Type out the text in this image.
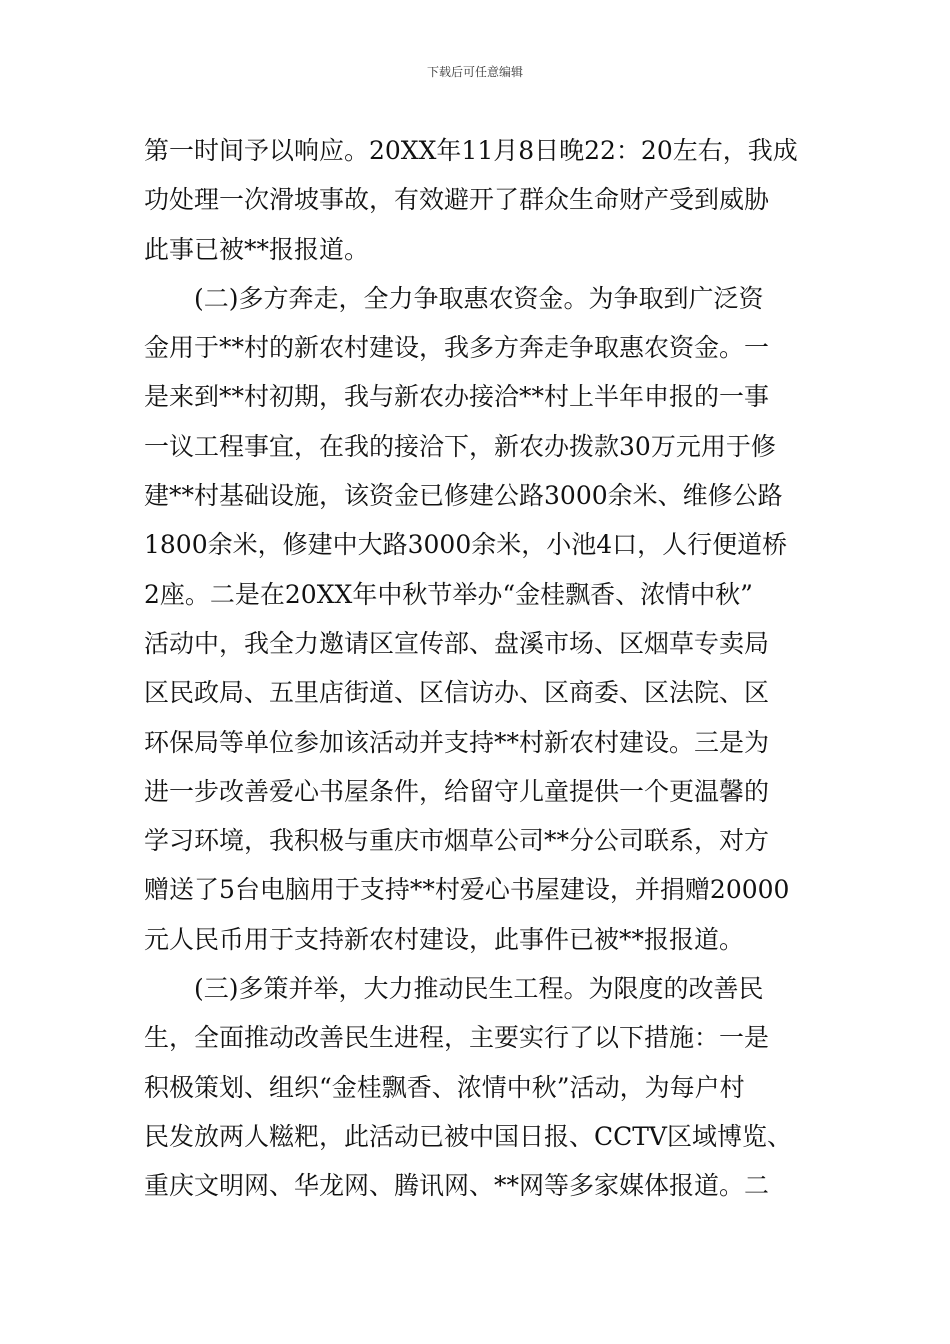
下载后可任意编辑
第一时间予以响应。20XX年11月8日晚22：20左右，我成
功处理一次滑坡事故，有效避开了群众生命财产受到威胁
此事已被**报报道。
(二)多方奔走，全力争取惠农资金。为争取到广泛资
金用于**村的新农村建设，我多方奔走争取惠农资金。一
是来到**村初期，我与新农办接洽**村上半年申报的一事
一议工程事宜，在我的接洽下，新农办拨款30万元用于修
建**村基础设施，该资金已修建公路3000余米、维修公路
1800余米，修建中大路3000余米，小池4口，人行便道桥
2座。二是在20XX年中秋节举办“金桂飘香、浓情中秋”
活动中，我全力邀请区宣传部、盘溪市场、区烟草专卖局
区民政局、五里店街道、区信访办、区商委、区法院、区
环保局等单位参加该活动并支持**村新农村建设。三是为
进一步改善爱心书屋条件，给留守儿童提供一个更温馨的
学习环境，我积极与重庆市烟草公司**分公司联系，对方
赠送了5台电脑用于支持**村爱心书屋建设，并捐赠20000
元人民币用于支持新农村建设，此事件已被**报报道。
(三)多策并举，大力推动民生工程。为限度的改善民
生，全面推动改善民生进程，主要实行了以下措施：一是
积极策划、组织“金桂飘香、浓情中秋”活动，为每户村
民发放两人糍粑，此活动已被中国日报、CCTV区域博览、
重庆文明网、华龙网、腾讯网、**网等多家媒体报道。二
